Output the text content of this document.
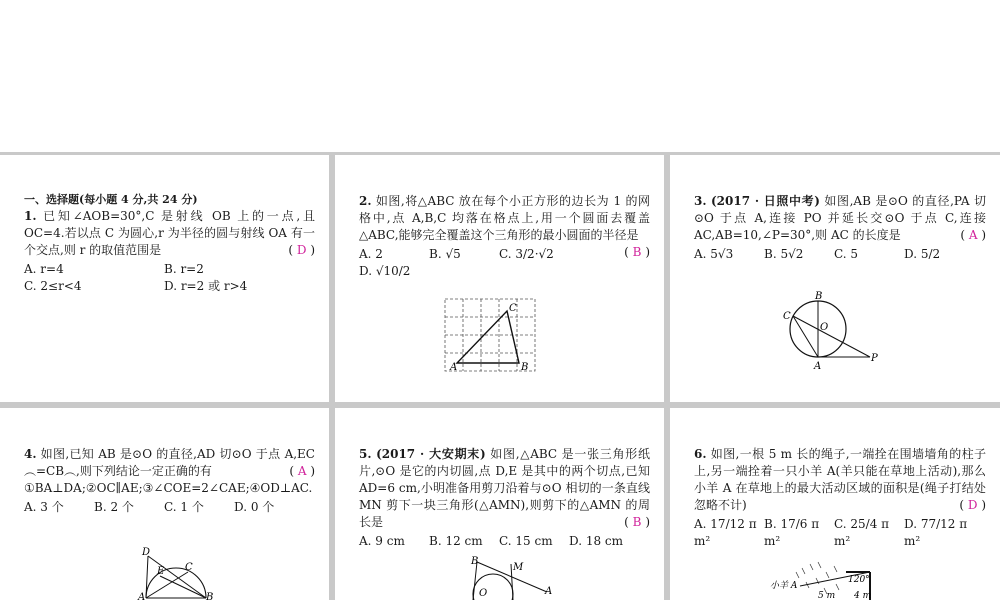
一、选择题(每小题 4 分,共 24 分)

1. 已知∠AOB=30°,C 是射线 OB 上的一点,且 OC=4.若以点 C 为圆心,r 为半径的圆与射线 OA 有一个交点,则 r 的取值范围是	( D )

A. r=4	B. r=2
C. 2≤r<4	D. r=2 或 r>4

2. 如图,将△ABC 放在每个小正方形的边长为 1 的网格中,点 A,B,C 均落在格点上,用一个圆面去覆盖△ABC,能够完全覆盖这个三角形的最小圆面的半径是
( B )

A. 2	B. √5	C. 3/2·√2
D. √10/2
A	B
C

3. (2017 · 日照中考) 如图,AB 是⊙O 的直径,PA 切⊙O 于点 A,连接 PO 并延长交⊙O 于点 C,连接 AC,AB=10,∠P=30°,则 AC 的长度是	( A )

A. 5√3	B. 5√2	C. 5	D. 5/2
B
C
O
A
P

4. 如图,已知 AB 是⊙O 的直径,AD 切⊙O 于点 A,EC︵=CB︵,则下列结论一定正确的有	( A )

①BA⊥DA;②OC∥AE;③∠COE=2∠CAE;④OD⊥AC.

A. 3 个	B. 2 个	C. 1 个	D. 0 个
D
E C
A	B

5. (2017 · 大安期末) 如图,△ABC 是一张三角形纸片,⊙O 是它的内切圆,点 D,E 是其中的两个切点,已知 AD=6 cm,小明准备用剪刀沿着与⊙O 相切的一条直线 MN 剪下一块三角形(△AMN),则剪下的△AMN 的周长是	( B )

A. 9 cm	B. 12 cm	C. 15 cm	D. 18 cm
B
M
O	A

6. 如图,一根 5 m 长的绳子,一端拴在围墙墙角的柱子上,另一端拴着一只小羊 A(羊只能在草地上活动),那么小羊 A 在草地上的最大活动区域的面积是(绳子打结处忽略不计)	( D )

A. 17/12 π m²
B. 17/6 π m²
C. 25/4 π m²
D. 77/12 π m²
小羊 A
120°
4 m
5 m
